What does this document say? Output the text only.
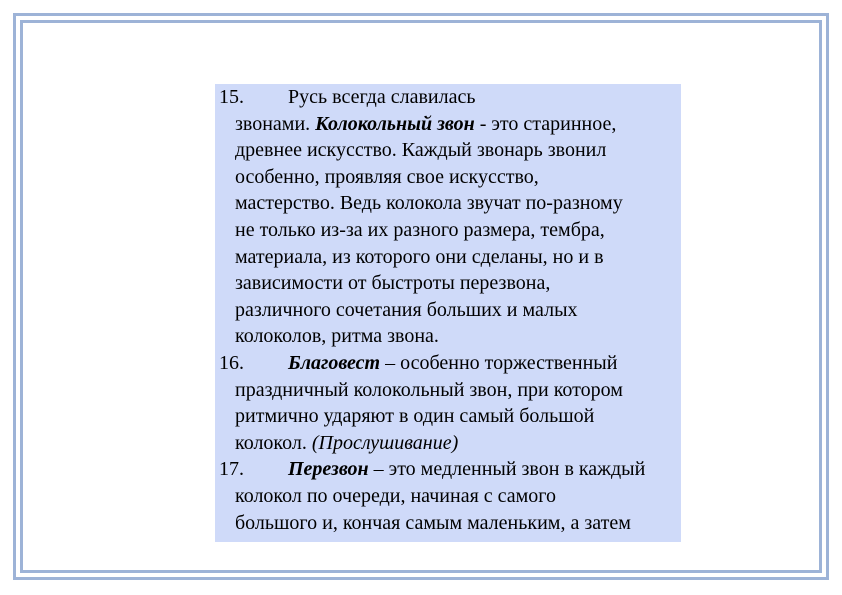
15.	Русь всегда славилась
звонами. Колокольный звон - это старинное,
древнее искусство. Каждый звонарь звонил
особенно, проявляя свое искусство,
мастерство. Ведь колокола звучат по-разному
не только из-за их разного размера, тембра,
материала, из которого они сделаны, но и в
зависимости от быстроты перезвона,
различного сочетания больших и малых
колоколов, ритма звона.
16.	Благовест – особенно торжественный
праздничный колокольный звон, при котором
ритмично ударяют в один самый большой
колокол. (Прослушивание)
17.	Перезвон – это медленный звон в каждый
колокол по очереди, начиная с самого
большого и, кончая самым маленьким, а затем
